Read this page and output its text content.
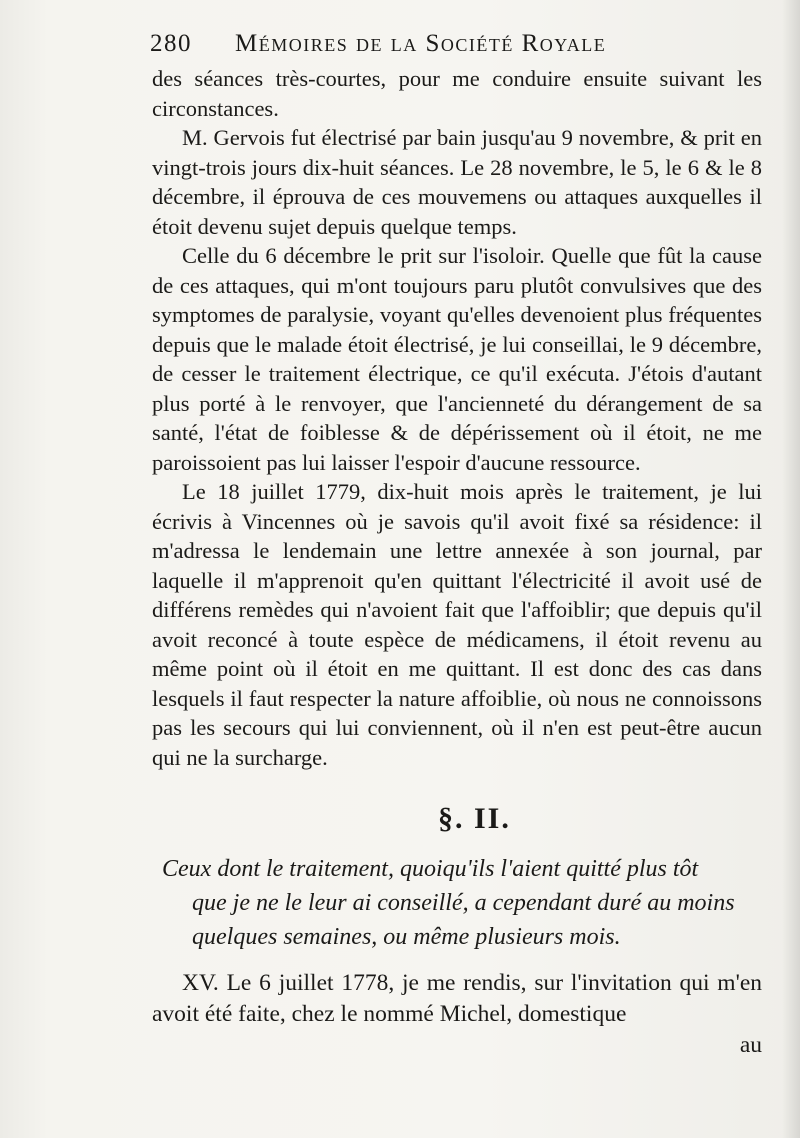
280 Mémoires de la Société Royale

des séances très-courtes, pour me conduire ensuite suivant les circonstances.

M. Gervois fut électrisé par bain jusqu'au 9 novembre, & prit en vingt-trois jours dix-huit séances. Le 28 novembre, le 5, le 6 & le 8 décembre, il éprouva de ces mouvemens ou attaques auxquelles il étoit devenu sujet depuis quelque temps.

Celle du 6 décembre le prit sur l'isoloir. Quelle que fût la cause de ces attaques, qui m'ont toujours paru plutôt convulsives que des symptomes de paralysie, voyant qu'elles devenoient plus fréquentes depuis que le malade étoit électrisé, je lui conseillai, le 9 décembre, de cesser le traitement électrique, ce qu'il exécuta. J'étois d'autant plus porté à le renvoyer, que l'ancienneté du dérangement de sa santé, l'état de foiblesse & de dépérissement où il étoit, ne me paroissoient pas lui laisser l'espoir d'aucune ressource.

Le 18 juillet 1779, dix-huit mois après le traitement, je lui écrivis à Vincennes où je savois qu'il avoit fixé sa résidence: il m'adressa le lendemain une lettre annexée à son journal, par laquelle il m'apprenoit qu'en quittant l'électricité il avoit usé de différens remèdes qui n'avoient fait que l'affoiblir; que depuis qu'il avoit reconcé à toute espèce de médicamens, il étoit revenu au même point où il étoit en me quittant. Il est donc des cas dans lesquels il faut respecter la nature affoiblie, où nous ne connoissons pas les secours qui lui conviennent, où il n'en est peut-être aucun qui ne la surcharge.

§. II.
Ceux dont le traitement, quoiqu'ils l'aient quitté plus tôt
que je ne le leur ai conseillé, a cependant duré au moins
quelques semaines, ou même plusieurs mois.

XV. Le 6 juillet 1778, je me rendis, sur l'invitation qui m'en avoit été faite, chez le nommé Michel, domestique

au
